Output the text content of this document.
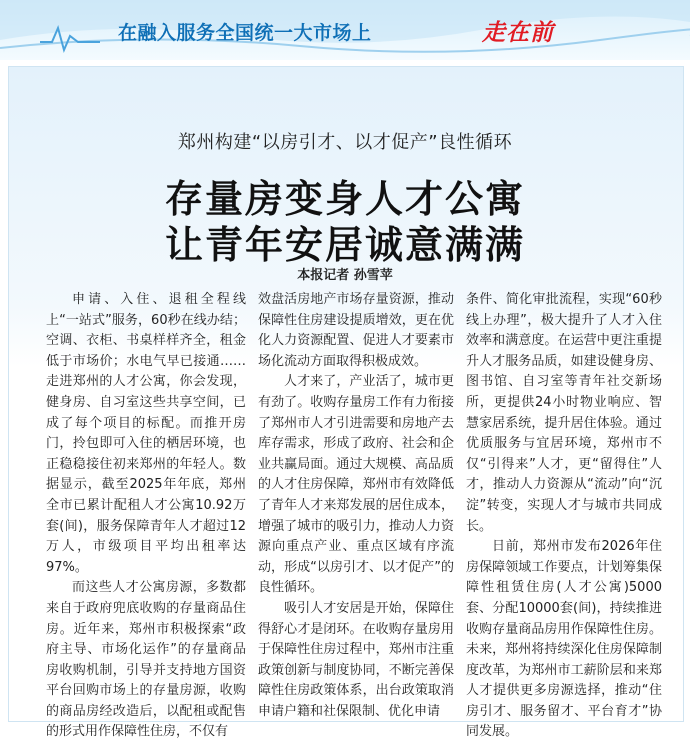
在融入服务全国统一大市场上	走在前
郑州构建“以房引才、以才促产”良性循环
存量房变身人才公寓
让青年安居诚意满满
本报记者 孙雪苹

申请、入住、退租全程线上“一站式”服务，60秒在线办结；空调、衣柜、书桌样样齐全，租金低于市场价；水电气早已接通……走进郑州的人才公寓，你会发现，健身房、自习室这些共享空间，已成了每个项目的标配。而推开房门，拎包即可入住的栖居环境，也正稳稳接住初来郑州的年轻人。数据显示，截至2025年年底，郑州全市已累计配租人才公寓10.92万套(间)，服务保障青年人才超过12万人，市级项目平均出租率达97%。

而这些人才公寓房源，多数都来自于政府兜底收购的存量商品住房。近年来，郑州市积极探索“政府主导、市场化运作”的存量商品房收购机制，引导并支持地方国资平台回购市场上的存量房源，收购的商品房经改造后，以配租或配售的形式用作保障性住房，不仅有

效盘活房地产市场存量资源，推动保障性住房建设提质增效，更在优化人力资源配置、促进人才要素市场化流动方面取得积极成效。

人才来了，产业活了，城市更有劲了。收购存量房工作有力衔接了郑州市人才引进需要和房地产去库存需求，形成了政府、社会和企业共赢局面。通过大规模、高品质的人才住房保障，郑州市有效降低了青年人才来郑发展的居住成本，增强了城市的吸引力，推动人力资源向重点产业、重点区域有序流动，形成“以房引才、以才促产”的良性循环。

吸引人才安居是开始，保障住得舒心才是闭环。在收购存量房用于保障性住房过程中，郑州市注重政策创新与制度协同，不断完善保障性住房政策体系，出台政策取消申请户籍和社保限制、优化申请

条件、简化审批流程，实现“60秒线上办理”，极大提升了人才入住效率和满意度。在运营中更注重提升人才服务品质，如建设健身房、图书馆、自习室等青年社交新场所，更提供24小时物业响应、智慧家居系统，提升居住体验。通过优质服务与宜居环境，郑州市不仅“引得来”人才，更“留得住”人才，推动人力资源从“流动”向“沉淀”转变，实现人才与城市共同成长。

日前，郑州市发布2026年住房保障领域工作要点，计划筹集保障性租赁住房(人才公寓)5000套、分配10000套(间)，持续推进收购存量商品房用作保障性住房。未来，郑州将持续深化住房保障制度改革，为郑州市工薪阶层和来郑人才提供更多房源选择，推动“住房引才、服务留才、平台育才”协同发展。
